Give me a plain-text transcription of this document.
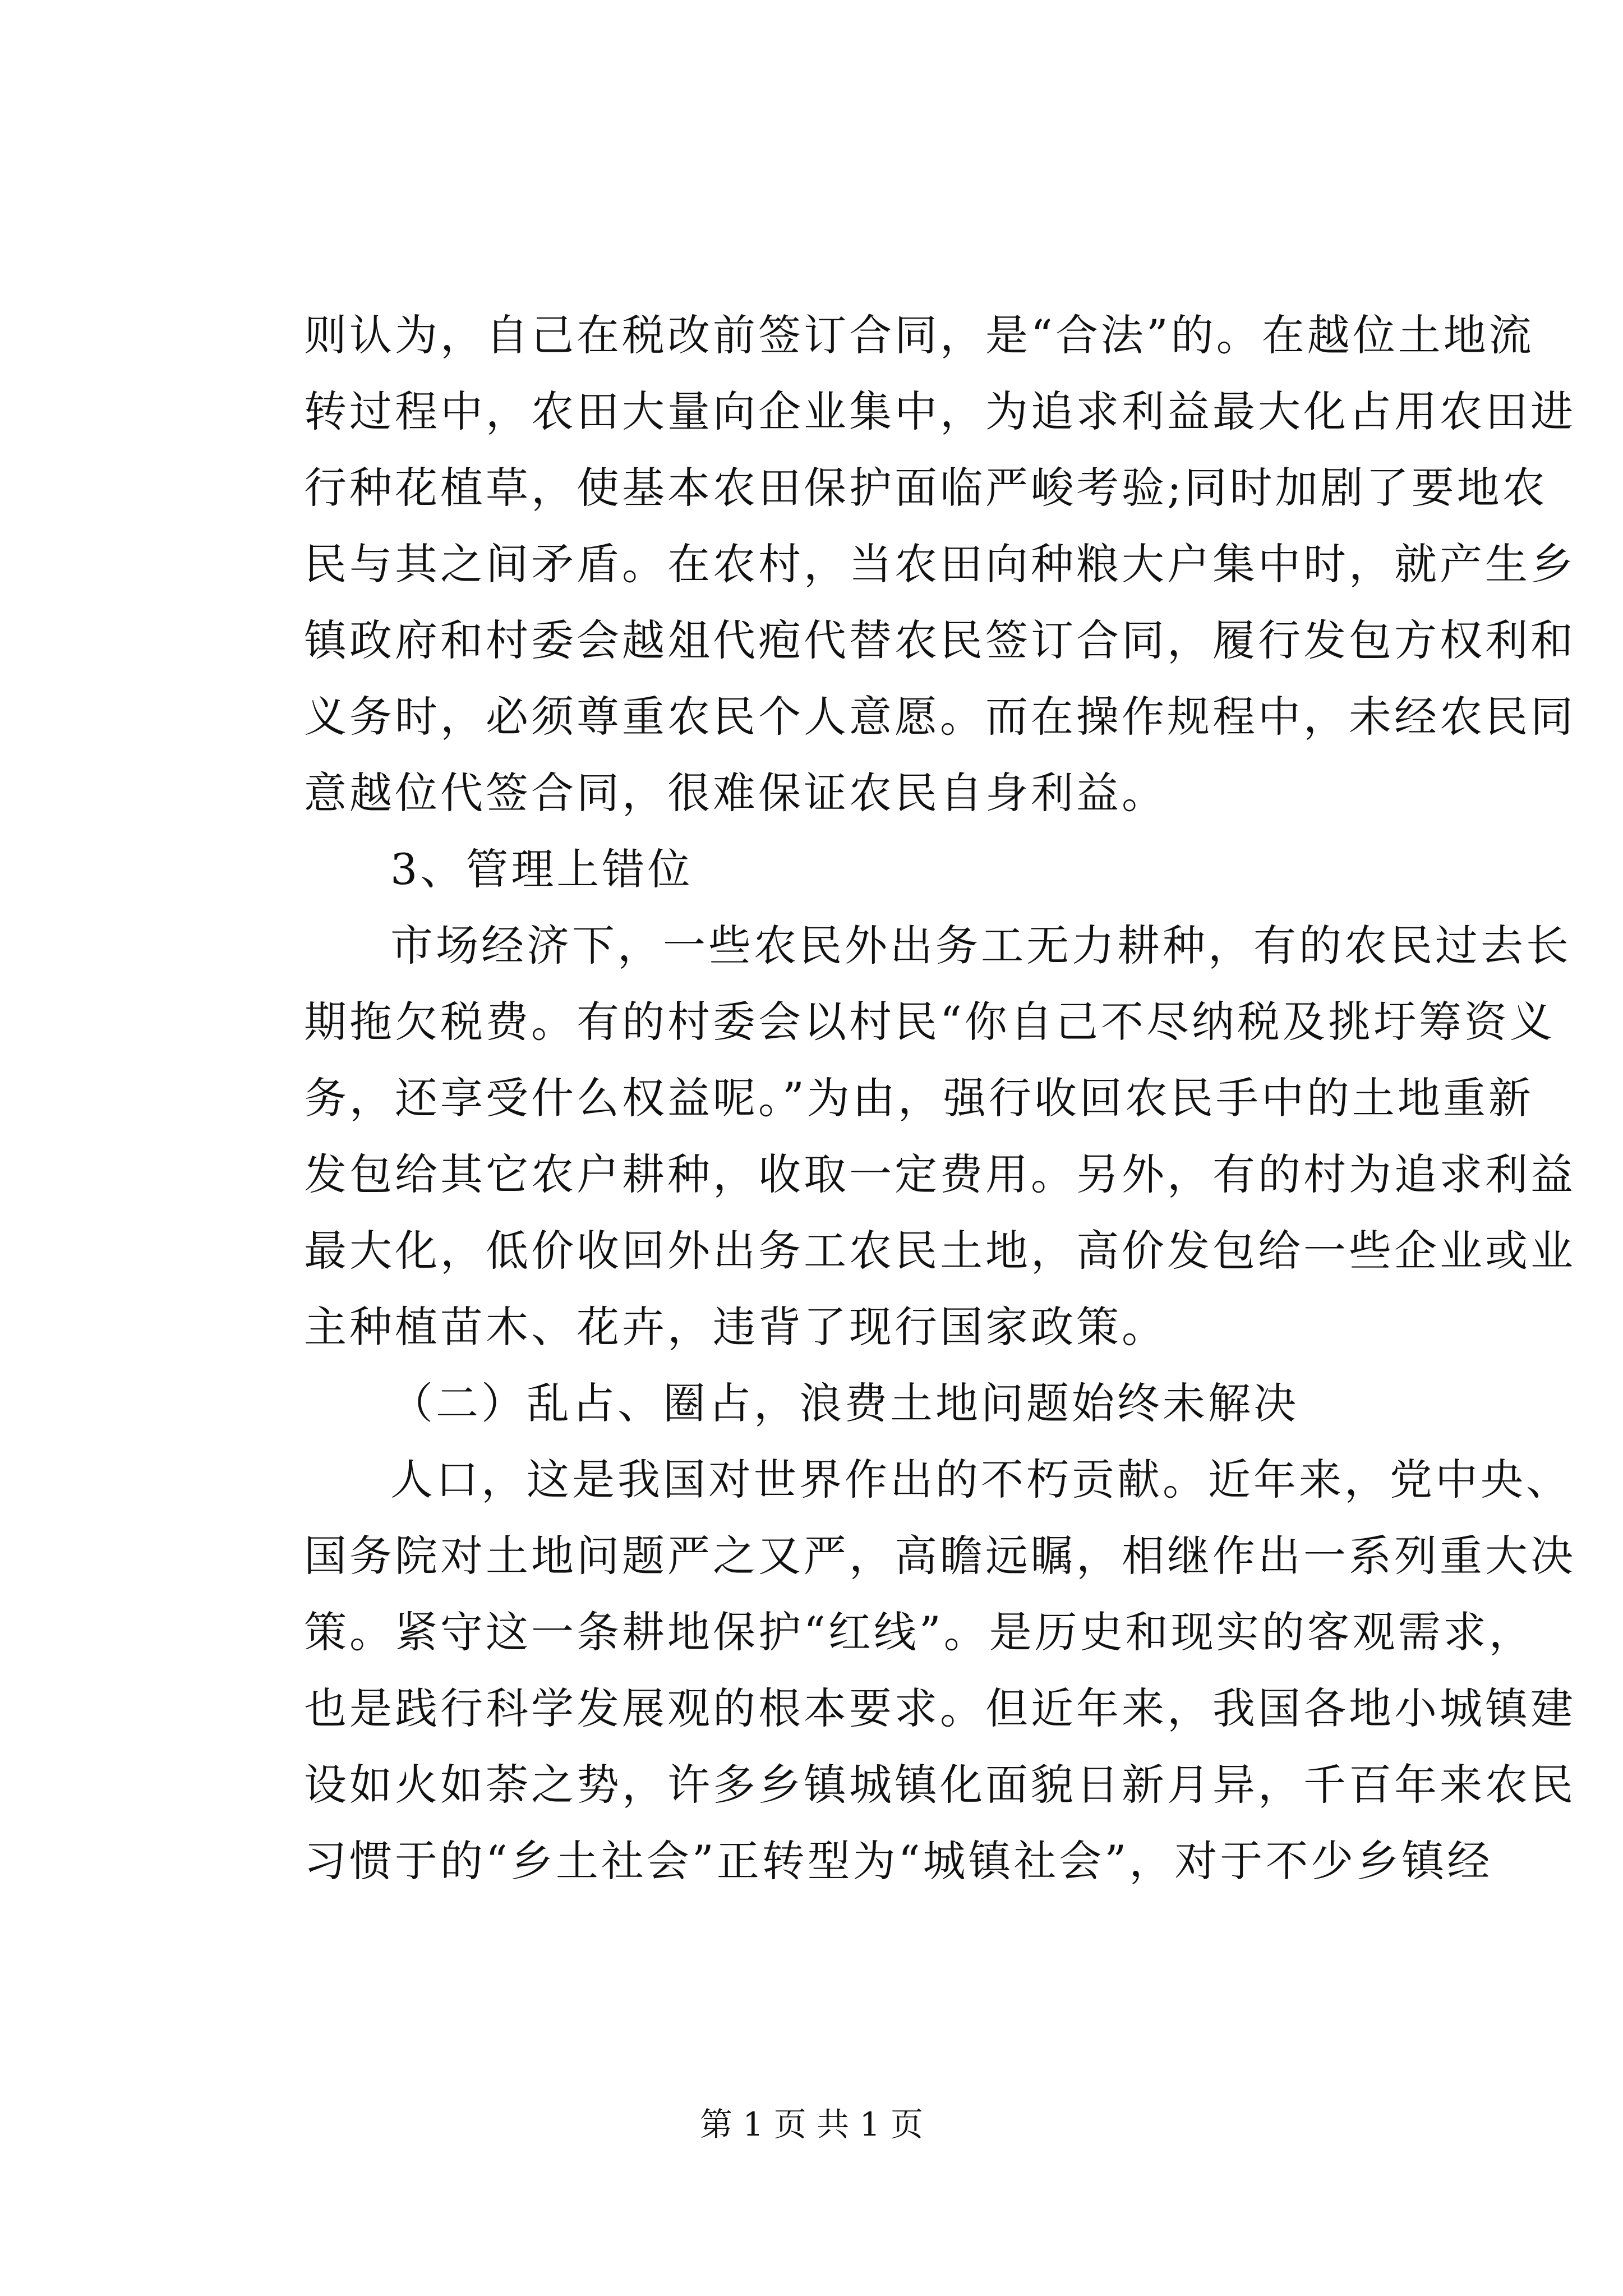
则认为，自己在税改前签订合同，是“合法”的。在越位土地流
转过程中，农田大量向企业集中，为追求利益最大化占用农田进
行种花植草，使基本农田保护面临严峻考验;同时加剧了要地农
民与其之间矛盾。在农村，当农田向种粮大户集中时，就产生乡
镇政府和村委会越俎代疱代替农民签订合同，履行发包方权利和
义务时，必须尊重农民个人意愿。而在操作规程中，未经农民同
意越位代签合同，很难保证农民自身利益。
3、管理上错位
市场经济下，一些农民外出务工无力耕种，有的农民过去长
期拖欠税费。有的村委会以村民“你自己不尽纳税及挑圩筹资义
务，还享受什么权益呢。”为由，强行收回农民手中的土地重新
发包给其它农户耕种，收取一定费用。另外，有的村为追求利益
最大化，低价收回外出务工农民土地，高价发包给一些企业或业
主种植苗木、花卉，违背了现行国家政策。
（二）乱占、圈占，浪费土地问题始终未解决
人口，这是我国对世界作出的不朽贡献。近年来，党中央、
国务院对土地问题严之又严，高瞻远瞩，相继作出一系列重大决
策。紧守这一条耕地保护“红线”。是历史和现实的客观需求，
也是践行科学发展观的根本要求。但近年来，我国各地小城镇建
设如火如荼之势，许多乡镇城镇化面貌日新月异，千百年来农民
习惯于的“乡土社会”正转型为“城镇社会”，对于不少乡镇经
第 1 页 共 1 页
